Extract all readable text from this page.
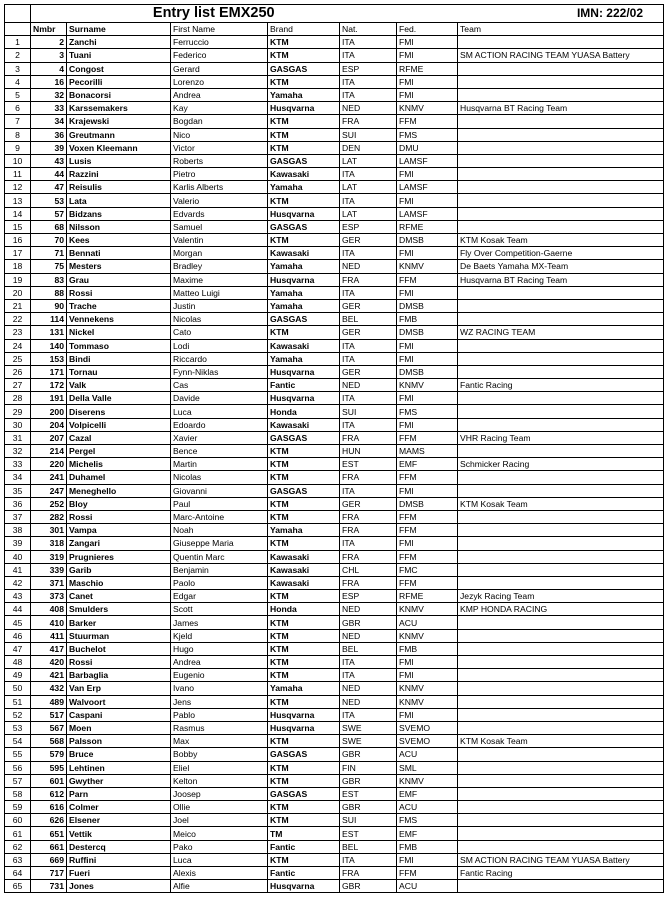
	Entry list EMX250					IMN: 222/02	
	Nmbr	Surname	First Name	Brand	Nat.	Fed.	Team
1	2	Zanchi	Ferruccio	KTM	ITA	FMI	
2	3	Tuani	Federico	KTM	ITA	FMI	SM ACTION RACING TEAM YUASA Battery
3	4	Congost	Gerard	GASGAS	ESP	RFME	
4	16	Pecorilli	Lorenzo	KTM	ITA	FMI	
5	32	Bonacorsi	Andrea	Yamaha	ITA	FMI	
6	33	Karssemakers	Kay	Husqvarna	NED	KNMV	Husqvarna BT Racing Team
7	34	Krajewski	Bogdan	KTM	FRA	FFM	
8	36	Greutmann	Nico	KTM	SUI	FMS	
9	39	Voxen Kleemann	Victor	KTM	DEN	DMU	
10	43	Lusis	Roberts	GASGAS	LAT	LAMSF	
11	44	Razzini	Pietro	Kawasaki	ITA	FMI	
12	47	Reisulis	Karlis Alberts	Yamaha	LAT	LAMSF	
13	53	Lata	Valerio	KTM	ITA	FMI	
14	57	Bidzans	Edvards	Husqvarna	LAT	LAMSF	
15	68	Nilsson	Samuel	GASGAS	ESP	RFME	
16	70	Kees	Valentin	KTM	GER	DMSB	KTM Kosak Team
17	71	Bennati	Morgan	Kawasaki	ITA	FMI	Fly Over Competition-Gaerne
18	75	Mesters	Bradley	Yamaha	NED	KNMV	De Baets Yamaha MX-Team
19	83	Grau	Maxime	Husqvarna	FRA	FFM	Husqvarna BT Racing Team
20	88	Rossi	Matteo Luigi	Yamaha	ITA	FMI	
21	90	Trache	Justin	Yamaha	GER	DMSB	
22	114	Vennekens	Nicolas	GASGAS	BEL	FMB	
23	131	Nickel	Cato	KTM	GER	DMSB	WZ RACING TEAM
24	140	Tommaso	Lodi	Kawasaki	ITA	FMI	
25	153	Bindi	Riccardo	Yamaha	ITA	FMI	
26	171	Tornau	Fynn-Niklas	Husqvarna	GER	DMSB	
27	172	Valk	Cas	Fantic	NED	KNMV	Fantic Racing
28	191	Della Valle	Davide	Husqvarna	ITA	FMI	
29	200	Diserens	Luca	Honda	SUI	FMS	
30	204	Volpicelli	Edoardo	Kawasaki	ITA	FMI	
31	207	Cazal	Xavier	GASGAS	FRA	FFM	VHR Racing Team
32	214	Pergel	Bence	KTM	HUN	MAMS	
33	220	Michelis	Martin	KTM	EST	EMF	Schmicker Racing
34	241	Duhamel	Nicolas	KTM	FRA	FFM	
35	247	Meneghello	Giovanni	GASGAS	ITA	FMI	
36	252	Bloy	Paul	KTM	GER	DMSB	KTM Kosak Team
37	282	Rossi	Marc-Antoine	KTM	FRA	FFM	
38	301	Vampa	Noah	Yamaha	FRA	FFM	
39	318	Zangari	Giuseppe Maria	KTM	ITA	FMI	
40	319	Prugnieres	Quentin Marc	Kawasaki	FRA	FFM	
41	339	Garib	Benjamin	Kawasaki	CHL	FMC	
42	371	Maschio	Paolo	Kawasaki	FRA	FFM	
43	373	Canet	Edgar	KTM	ESP	RFME	Jezyk Racing Team
44	408	Smulders	Scott	Honda	NED	KNMV	KMP HONDA RACING
45	410	Barker	James	KTM	GBR	ACU	
46	411	Stuurman	Kjeld	KTM	NED	KNMV	
47	417	Buchelot	Hugo	KTM	BEL	FMB	
48	420	Rossi	Andrea	KTM	ITA	FMI	
49	421	Barbaglia	Eugenio	KTM	ITA	FMI	
50	432	Van Erp	Ivano	Yamaha	NED	KNMV	
51	489	Walvoort	Jens	KTM	NED	KNMV	
52	517	Caspani	Pablo	Husqvarna	ITA	FMI	
53	567	Moen	Rasmus	Husqvarna	SWE	SVEMO	
54	568	Palsson	Max	KTM	SWE	SVEMO	KTM Kosak Team
55	579	Bruce	Bobby	GASGAS	GBR	ACU	
56	595	Lehtinen	Eliel	KTM	FIN	SML	
57	601	Gwyther	Kelton	KTM	GBR	KNMV	
58	612	Parn	Joosep	GASGAS	EST	EMF	
59	616	Colmer	Ollie	KTM	GBR	ACU	
60	626	Elsener	Joel	KTM	SUI	FMS	
61	651	Vettik	Meico	TM	EST	EMF	
62	661	Destercq	Pako	Fantic	BEL	FMB	
63	669	Ruffini	Luca	KTM	ITA	FMI	SM ACTION RACING TEAM YUASA Battery
64	717	Fueri	Alexis	Fantic	FRA	FFM	Fantic Racing
65	731	Jones	Alfie	Husqvarna	GBR	ACU	
